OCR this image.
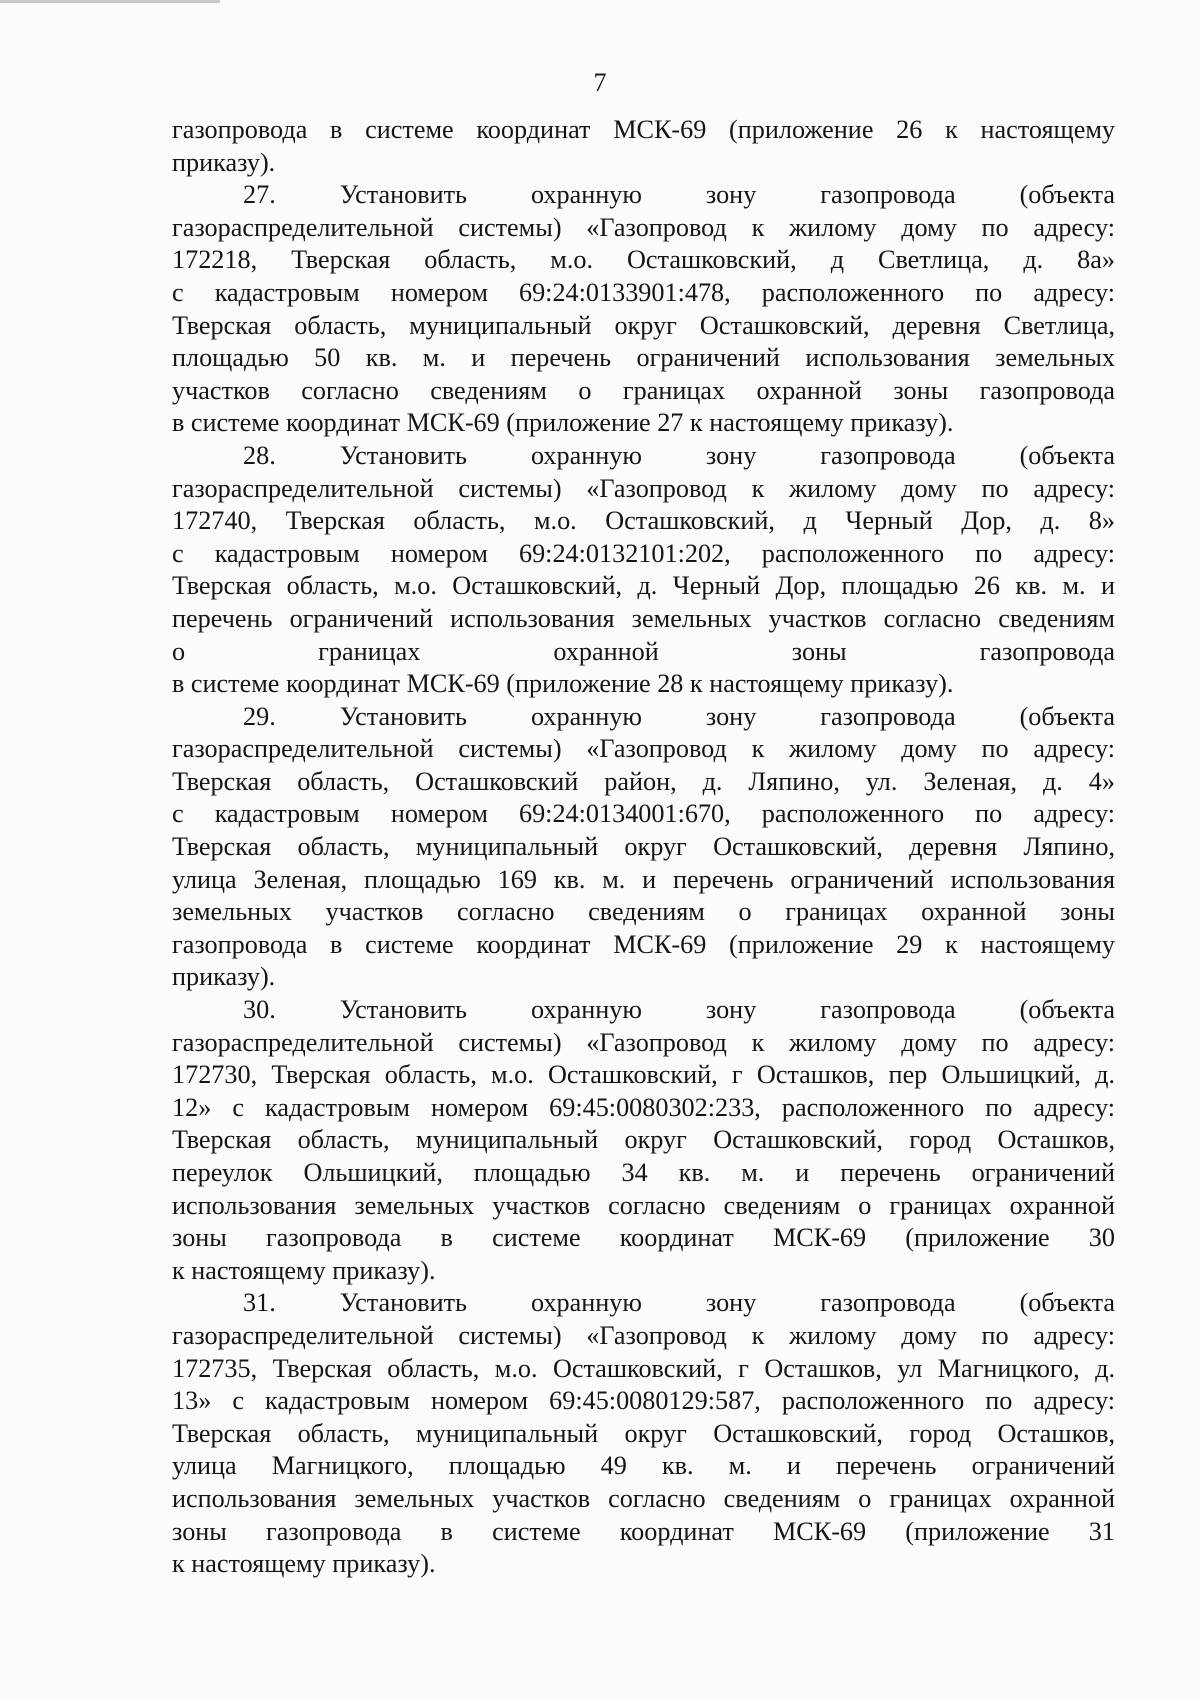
7
газопровода в системе координат МСК-69 (приложение 26 к настоящему
приказу).
27. Установить охранную зону газопровода (объекта
газораспределительной системы) «Газопровод к жилому дому по адресу:
172218, Тверская область, м.о. Осташковский, д Светлица, д. 8а»
с кадастровым номером 69:24:0133901:478, расположенного по адресу:
Тверская область, муниципальный округ Осташковский, деревня Светлица,
площадью 50 кв. м. и перечень ограничений использования земельных
участков согласно сведениям о границах охранной зоны газопровода
в системе координат МСК-69 (приложение 27 к настоящему приказу).
28. Установить охранную зону газопровода (объекта
газораспределительной системы) «Газопровод к жилому дому по адресу:
172740, Тверская область, м.о. Осташковский, д Черный Дор, д. 8»
с кадастровым номером 69:24:0132101:202, расположенного по адресу:
Тверская область, м.о. Осташковский, д. Черный Дор, площадью 26 кв. м. и
перечень ограничений использования земельных участков согласно сведениям
о границах охранной зоны газопровода
в системе координат МСК-69 (приложение 28 к настоящему приказу).
29. Установить охранную зону газопровода (объекта
газораспределительной системы) «Газопровод к жилому дому по адресу:
Тверская область, Осташковский район, д. Ляпино, ул. Зеленая, д. 4»
с кадастровым номером 69:24:0134001:670, расположенного по адресу:
Тверская область, муниципальный округ Осташковский, деревня Ляпино,
улица Зеленая, площадью 169 кв. м. и перечень ограничений использования
земельных участков согласно сведениям о границах охранной зоны
газопровода в системе координат МСК-69 (приложение 29 к настоящему
приказу).
30. Установить охранную зону газопровода (объекта
газораспределительной системы) «Газопровод к жилому дому по адресу:
172730, Тверская область, м.о. Осташковский, г Осташков, пер Ольшицкий, д.
12» с кадастровым номером 69:45:0080302:233, расположенного по адресу:
Тверская область, муниципальный округ Осташковский, город Осташков,
переулок Ольшицкий, площадью 34 кв. м. и перечень ограничений
использования земельных участков согласно сведениям о границах охранной
зоны газопровода в системе координат МСК-69 (приложение 30
к настоящему приказу).
31. Установить охранную зону газопровода (объекта
газораспределительной системы) «Газопровод к жилому дому по адресу:
172735, Тверская область, м.о. Осташковский, г Осташков, ул Магницкого, д.
13» с кадастровым номером 69:45:0080129:587, расположенного по адресу:
Тверская область, муниципальный округ Осташковский, город Осташков,
улица Магницкого, площадью 49 кв. м. и перечень ограничений
использования земельных участков согласно сведениям о границах охранной
зоны газопровода в системе координат МСК-69 (приложение 31
к настоящему приказу).
